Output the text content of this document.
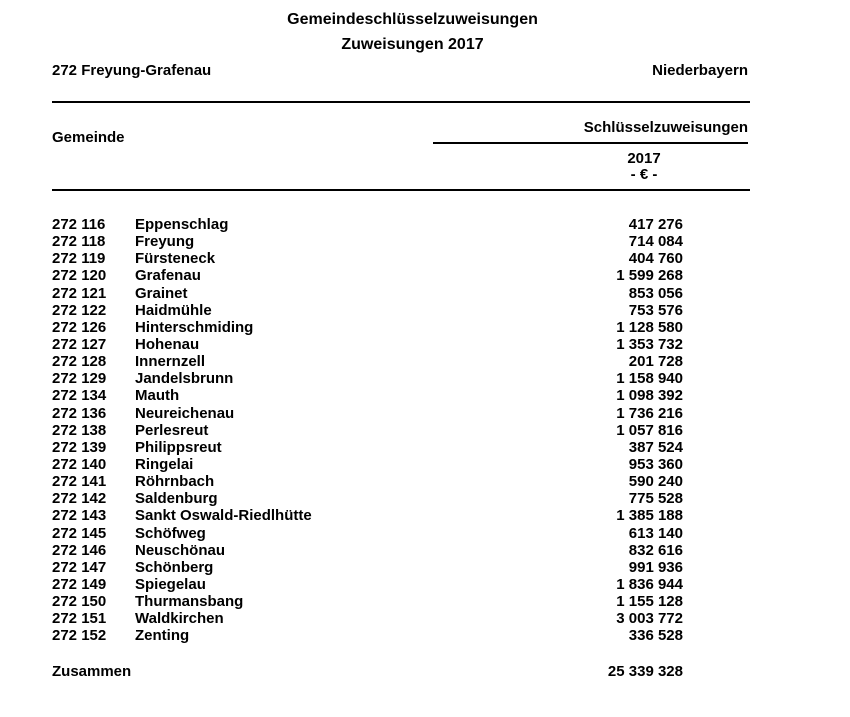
Gemeindeschlüsselzuweisungen
Zuweisungen 2017
272 Freyung-Grafenau	Niederbayern
Gemeinde
Schlüsselzuweisungen
2017
- € -
272 116 Eppenschlag	417 276
272 118 Freyung	714 084
272 119 Fürsteneck	404 760
272 120 Grafenau	1 599 268
272 121 Grainet	853 056
272 122 Haidmühle	753 576
272 126 Hinterschmiding	1 128 580
272 127 Hohenau	1 353 732
272 128 Innernzell	201 728
272 129 Jandelsbrunn	1 158 940
272 134 Mauth	1 098 392
272 136 Neureichenau	1 736 216
272 138 Perlesreut	1 057 816
272 139 Philippsreut	387 524
272 140 Ringelai	953 360
272 141 Röhrnbach	590 240
272 142 Saldenburg	775 528
272 143 Sankt Oswald-Riedlhütte	1 385 188
272 145 Schöfweg	613 140
272 146 Neuschönau	832 616
272 147 Schönberg	991 936
272 149 Spiegelau	1 836 944
272 150 Thurmansbang	1 155 128
272 151 Waldkirchen	3 003 772
272 152 Zenting	336 528
Zusammen	25 339 328
